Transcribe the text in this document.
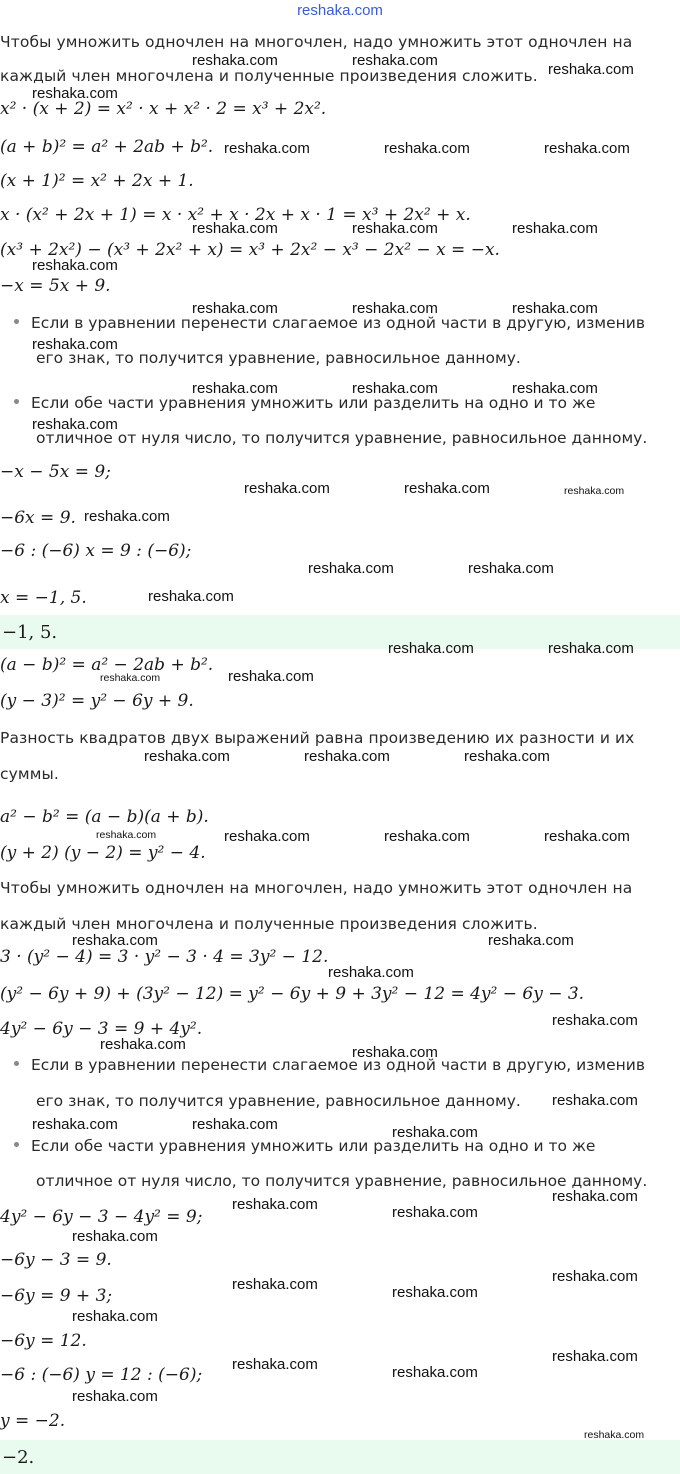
reshaka.com
Чтобы умножить одночлен на многочлен, надо умножить этот одночлен на
каждый член многочлена и полученные произведения сложить.
x² · (x + 2) = x² · x + x² · 2 = x³ + 2x².
(a + b)² = a² + 2ab + b².
(x + 1)² = x² + 2x + 1.
x · (x² + 2x + 1) = x · x² + x · 2x + x · 1 = x³ + 2x² + x.
(x³ + 2x²) − (x³ + 2x² + x) = x³ + 2x² − x³ − 2x² − x = −x.
−x = 5x + 9.
Если в уравнении перенести слагаемое из одной части в другую, изменив
его знак, то получится уравнение, равносильное данному.
Если обе части уравнения умножить или разделить на одно и то же
отличное от нуля число, то получится уравнение, равносильное данному.
−x − 5x = 9;
−6x = 9.
−6 : (−6) x = 9 : (−6);
x = −1, 5.
−1, 5.
(a − b)² = a² − 2ab + b².
(y − 3)² = y² − 6y + 9.
Разность квадратов двух выражений равна произведению их разности и их
суммы.
a² − b² = (a − b)(a + b).
(y + 2) (y − 2) = y² − 4.
Чтобы умножить одночлен на многочлен, надо умножить этот одночлен на
каждый член многочлена и полученные произведения сложить.
3 · (y² − 4) = 3 · y² − 3 · 4 = 3y² − 12.
(y² − 6y + 9) + (3y² − 12) = y² − 6y + 9 + 3y² − 12 = 4y² − 6y − 3.
4y² − 6y − 3 = 9 + 4y².
Если в уравнении перенести слагаемое из одной части в другую, изменив
его знак, то получится уравнение, равносильное данному.
Если обе части уравнения умножить или разделить на одно и то же
отличное от нуля число, то получится уравнение, равносильное данному.
4y² − 6y − 3 − 4y² = 9;
−6y − 3 = 9.
−6y = 9 + 3;
−6y = 12.
−6 : (−6) y = 12 : (−6);
y = −2.
−2.
reshaka.com	reshaka.com
reshaka.com
reshaka.com
reshaka.com	reshaka.com	reshaka.com
reshaka.com	reshaka.com	reshaka.com
reshaka.com
reshaka.com	reshaka.com	reshaka.com
reshaka.com
reshaka.com	reshaka.com	reshaka.com
reshaka.com
reshaka.com	reshaka.com	reshaka.com
reshaka.com
reshaka.com	reshaka.com
reshaka.com
reshaka.com	reshaka.com
reshaka.com	reshaka.com
reshaka.com	reshaka.com	reshaka.com
reshaka.com	reshaka.com	reshaka.com	reshaka.com
reshaka.com	reshaka.com
reshaka.com
reshaka.com
reshaka.com	reshaka.com
reshaka.com
reshaka.com	reshaka.com	reshaka.com
reshaka.com
reshaka.com	reshaka.com
reshaka.com
reshaka.com
reshaka.com	reshaka.com
reshaka.com
reshaka.com
reshaka.com	reshaka.com
reshaka.com
reshaka.com
